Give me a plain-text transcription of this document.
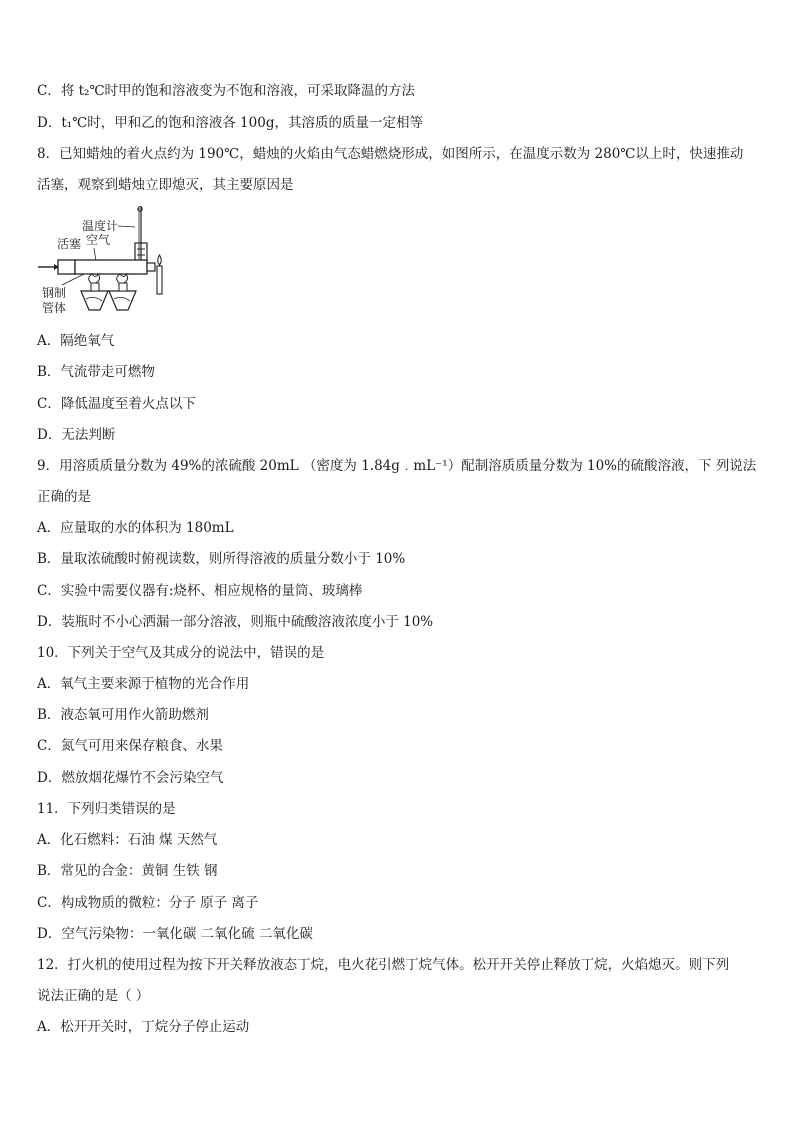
C．将 t₂℃时甲的饱和溶液变为不饱和溶液，可采取降温的方法
D．t₁℃时，甲和乙的饱和溶液各 100g，其溶质的质量一定相等
8．已知蜡烛的着火点约为 190℃，蜡烛的火焰由气态蜡燃烧形成，如图所示，在温度示数为 280℃以上时，快速推动
活塞，观察到蜡烛立即熄灭，其主要原因是
温度计
活塞 空气
钢制
管体
A．隔绝氧气
B．气流带走可燃物
C．降低温度至着火点以下
D．无法判断
9．用溶质质量分数为 49%的浓硫酸 20mL （密度为 1.84g﹒mL⁻¹）配制溶质质量分数为 10%的硫酸溶液，下 列说法
正确的是
A．应量取的水的体积为 180mL
B．量取浓硫酸时俯视读数，则所得溶液的质量分数小于 10%
C．实验中需要仪器有:烧杯、相应规格的量筒、玻璃棒
D．装瓶时不小心洒漏一部分溶液，则瓶中硫酸溶液浓度小于 10%
10．下列关于空气及其成分的说法中，错误的是
A．氧气主要来源于植物的光合作用
B．液态氧可用作火箭助燃剂
C．氮气可用来保存粮食、水果
D．燃放烟花爆竹不会污染空气
11．下列归类错误的是
A．化石燃料：石油 煤 天然气
B．常见的合金：黄铜 生铁 钢
C．构成物质的微粒：分子 原子 离子
D．空气污染物：一氧化碳 二氧化硫 二氧化碳
12．打火机的使用过程为按下开关释放液态丁烷，电火花引燃丁烷气体。松开开关停止释放丁烷，火焰熄灭。则下列
说法正确的是（ ）
A．松开开关时，丁烷分子停止运动
